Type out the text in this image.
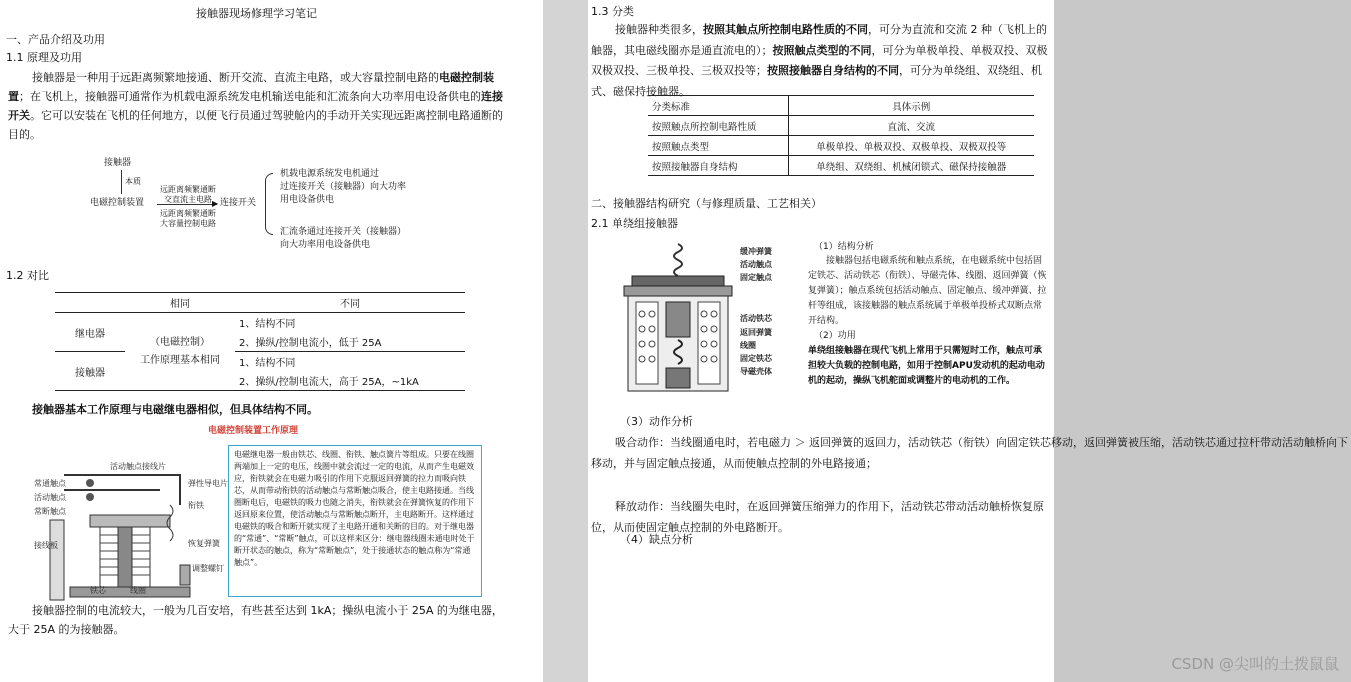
接触器现场修理学习笔记
一、产品介绍及功用
1.1 原理及功用
接触器是一种用于远距离频繁地接通、断开交流、直流主电路，或大容量控制电路的电磁控制装置；在飞机上，接触器可通常作为机载电源系统发电机输送电能和汇流条向大功率用电设备供电的连接开关。它可以安装在飞机的任何地方，以便飞行员通过驾驶舱内的手动开关实现远距离控制电路通断的目的。
接触器
本质
电磁控制装置
远距离频繁通断
交直流主电路 ▶
远距离频繁通断
大容量控制电路
连接开关
机载电源系统发电机通过
过连接开关（接触器）向大功率
用电设备供电
汇流条通过连接开关（接触器）
向大功率用电设备供电
1.2 对比
	相同	不同
继电器	（电磁控制）
工作原理基本相同	1、结构不同
		2、操纵/控制电流小，低于 25A
接触器		1、结构不同
		2、操纵/控制电流大，高于 25A，~1kA
接触器基本工作原理与电磁继电器相似，但具体结构不同。
电磁控制装置工作原理
活动触点接线片
常通触点
活动触点
常断触点
接线板
弹性导电片
恢复弹簧
衔铁
调整螺钉
线圈
铁芯
电磁继电器一般由铁芯、线圈、衔铁、触点簧片等组成。只要在线圈两端加上一定的电压，线圈中就会流过一定的电流，从而产生电磁效应，衔铁就会在电磁力吸引的作用下克服返回弹簧的拉力而吸向铁芯，从而带动衔铁的活动触点与常断触点吸合，使主电路接通。当线圈断电后，电磁铁的吸力也随之消失，衔铁就会在弹簧恢复的作用下返回原来位置，使活动触点与常断触点断开，主电路断开。这样通过电磁铁的吸合和断开就实现了主电路开通和关断的目的。对于继电器的“常通”、“常断”触点，可以这样来区分：继电器线圈未通电时处于断开状态的触点，称为“常断触点”，处于接通状态的触点称为“常通触点”。
接触器控制的电流较大，一般为几百安培，有些甚至达到 1kA；操纵电流小于 25A 的为继电器，大于 25A 的为接触器。
1.3 分类
接触器种类很多，按照其触点所控制电路性质的不同，可分为直流和交流 2 种（飞机上的
触器，其电磁线圈亦是通直流电的）；按照触点类型的不同，可分为单极单投、单极双投、双极
双极双投、三极单投、三极双投等；按照接触器自身结构的不同，可分为单绕组、双绕组、机
式、磁保持接触器。
分类标准	具体示例
按照触点所控制电路性质	直流、交流
按照触点类型	单极单投、单极双投、双极单投、双极双投等
按照接触器自身结构	单绕组、双绕组、机械闭锁式、磁保持接触器
二、接触器结构研究（与修理质量、工艺相关）
2.1 单绕组接触器
缓冲弹簧
活动触点
固定触点
活动铁芯
返回弹簧
线圈
固定铁芯
导磁壳体
（1）结构分析
接触器包括电磁系统和触点系统，在电磁系统中包括固定铁芯、活动铁芯（衔铁）、导磁壳体、线圈、返回弹簧（恢复弹簧）；触点系统包括活动触点、固定触点、缓冲弹簧、拉杆等组成，该接触器的触点系统属于单极单投桥式双断点常开结构。
（2）功用
单绕组接触器在现代飞机上常用于只需短时工作，触点可承担较大负载的控制电路，如用于控制APU发动机的起动电动机的起动，操纵飞机舵面或调整片的电动机的工作。
（3）动作分析
吸合动作：当线圈通电时，若电磁力 ＞ 返回弹簧的返回力，活动铁芯（衔铁）向固定铁芯移动，返回弹簧被压缩，活动铁芯通过拉杆带动活动触桥向下移动，并与固定触点接通，从而使触点控制的外电路接通；
释放动作：当线圈失电时，在返回弹簧压缩弹力的作用下，活动铁芯带动活动触桥恢复原位，从而使固定触点控制的外电路断开。
（4）缺点分析
CSDN @尖叫的土拨鼠鼠
